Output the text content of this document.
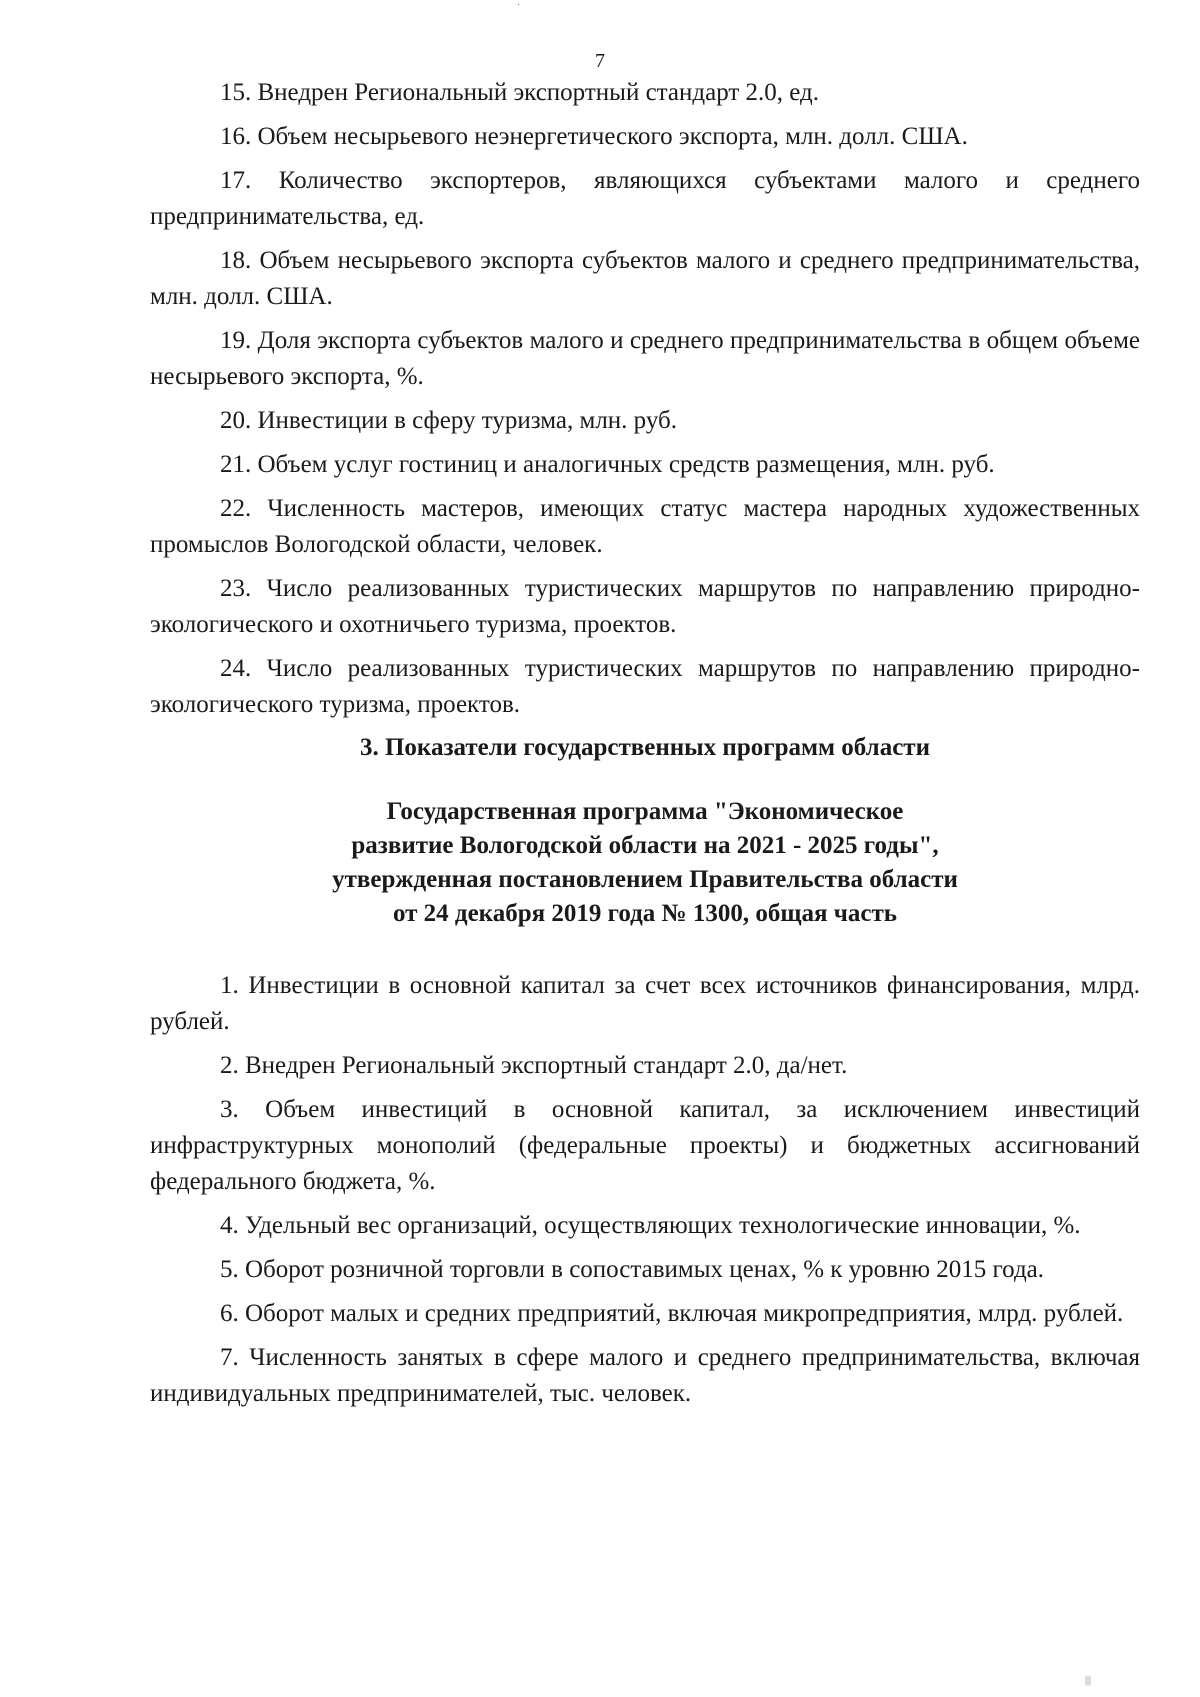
7

15. Внедрен Региональный экспортный стандарт 2.0, ед.

16. Объем несырьевого неэнергетического экспорта, млн. долл. США.

17. Количество экспортеров, являющихся субъектами малого и среднего предпринимательства, ед.

18. Объем несырьевого экспорта субъектов малого и среднего предпринимательства, млн. долл. США.

19. Доля экспорта субъектов малого и среднего предпринимательства в общем объеме несырьевого экспорта, %.

20. Инвестиции в сферу туризма, млн. руб.

21. Объем услуг гостиниц и аналогичных средств размещения, млн. руб.

22. Численность мастеров, имеющих статус мастера народных художественных промыслов Вологодской области, человек.

23. Число реализованных туристических маршрутов по направлению природно-экологического и охотничьего туризма, проектов.

24. Число реализованных туристических маршрутов по направлению природно-экологического туризма, проектов.

3. Показатели государственных программ области
Государственная программа "Экономическое
развитие Вологодской области на 2021 - 2025 годы",
утвержденная постановлением Правительства области
от 24 декабря 2019 года № 1300, общая часть

1. Инвестиции в основной капитал за счет всех источников финансирования, млрд. рублей.

2. Внедрен Региональный экспортный стандарт 2.0, да/нет.

3. Объем инвестиций в основной капитал, за исключением инвестиций инфраструктурных монополий (федеральные проекты) и бюджетных ассигнований федерального бюджета, %.

4. Удельный вес организаций, осуществляющих технологические инновации, %.

5. Оборот розничной торговли в сопоставимых ценах, % к уровню 2015 года.

6. Оборот малых и средних предприятий, включая микропредприятия, млрд. рублей.

7. Численность занятых в сфере малого и среднего предпринимательства, включая индивидуальных предпринимателей, тыс. человек.

·
|||
